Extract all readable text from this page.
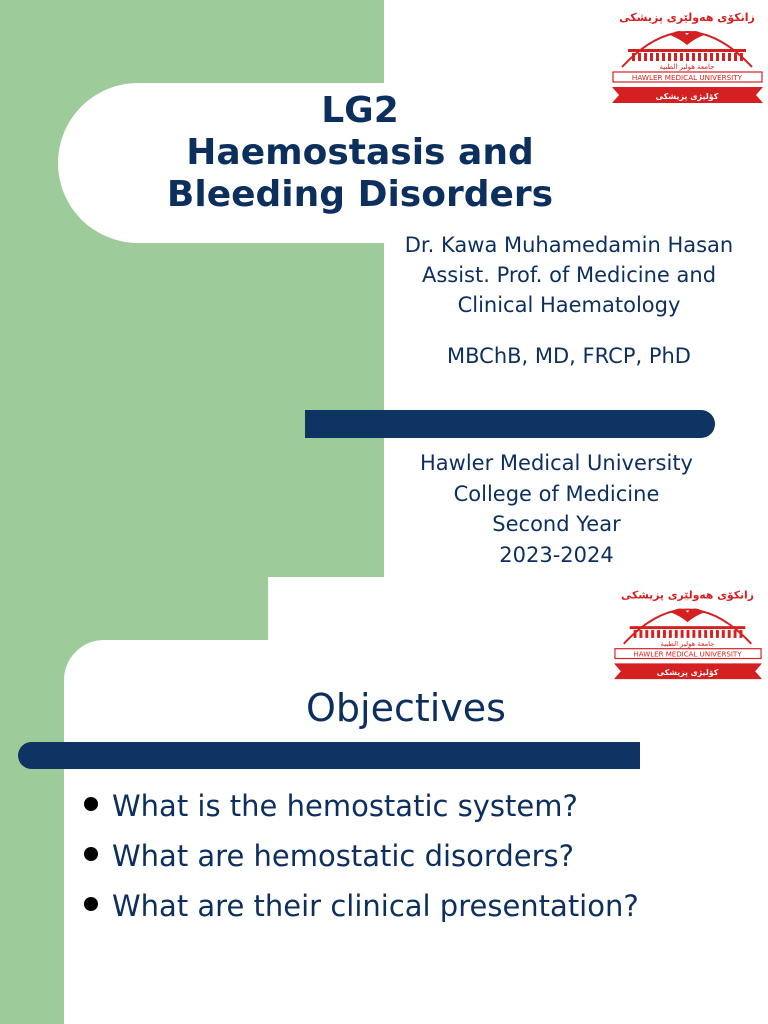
LG2
Haemostasis and
Bleeding Disorders
زانكۆی هەولێری پزیشكی
جامعة هولير الطبية
HAWLER MEDICAL UNIVERSITY
کۆلیژی پزیشکی
Dr. Kawa Muhamedamin Hasan
Assist. Prof. of Medicine and
Clinical Haematology
MBChB, MD, FRCP, PhD
Hawler Medical University
College of Medicine
Second Year
2023-2024
زانكۆی هەولێری پزیشكی
جامعة هولير الطبية
HAWLER MEDICAL UNIVERSITY
کۆلیژی پزیشکی
Objectives
What is the hemostatic system?
What are hemostatic disorders?
What are their clinical presentation?
